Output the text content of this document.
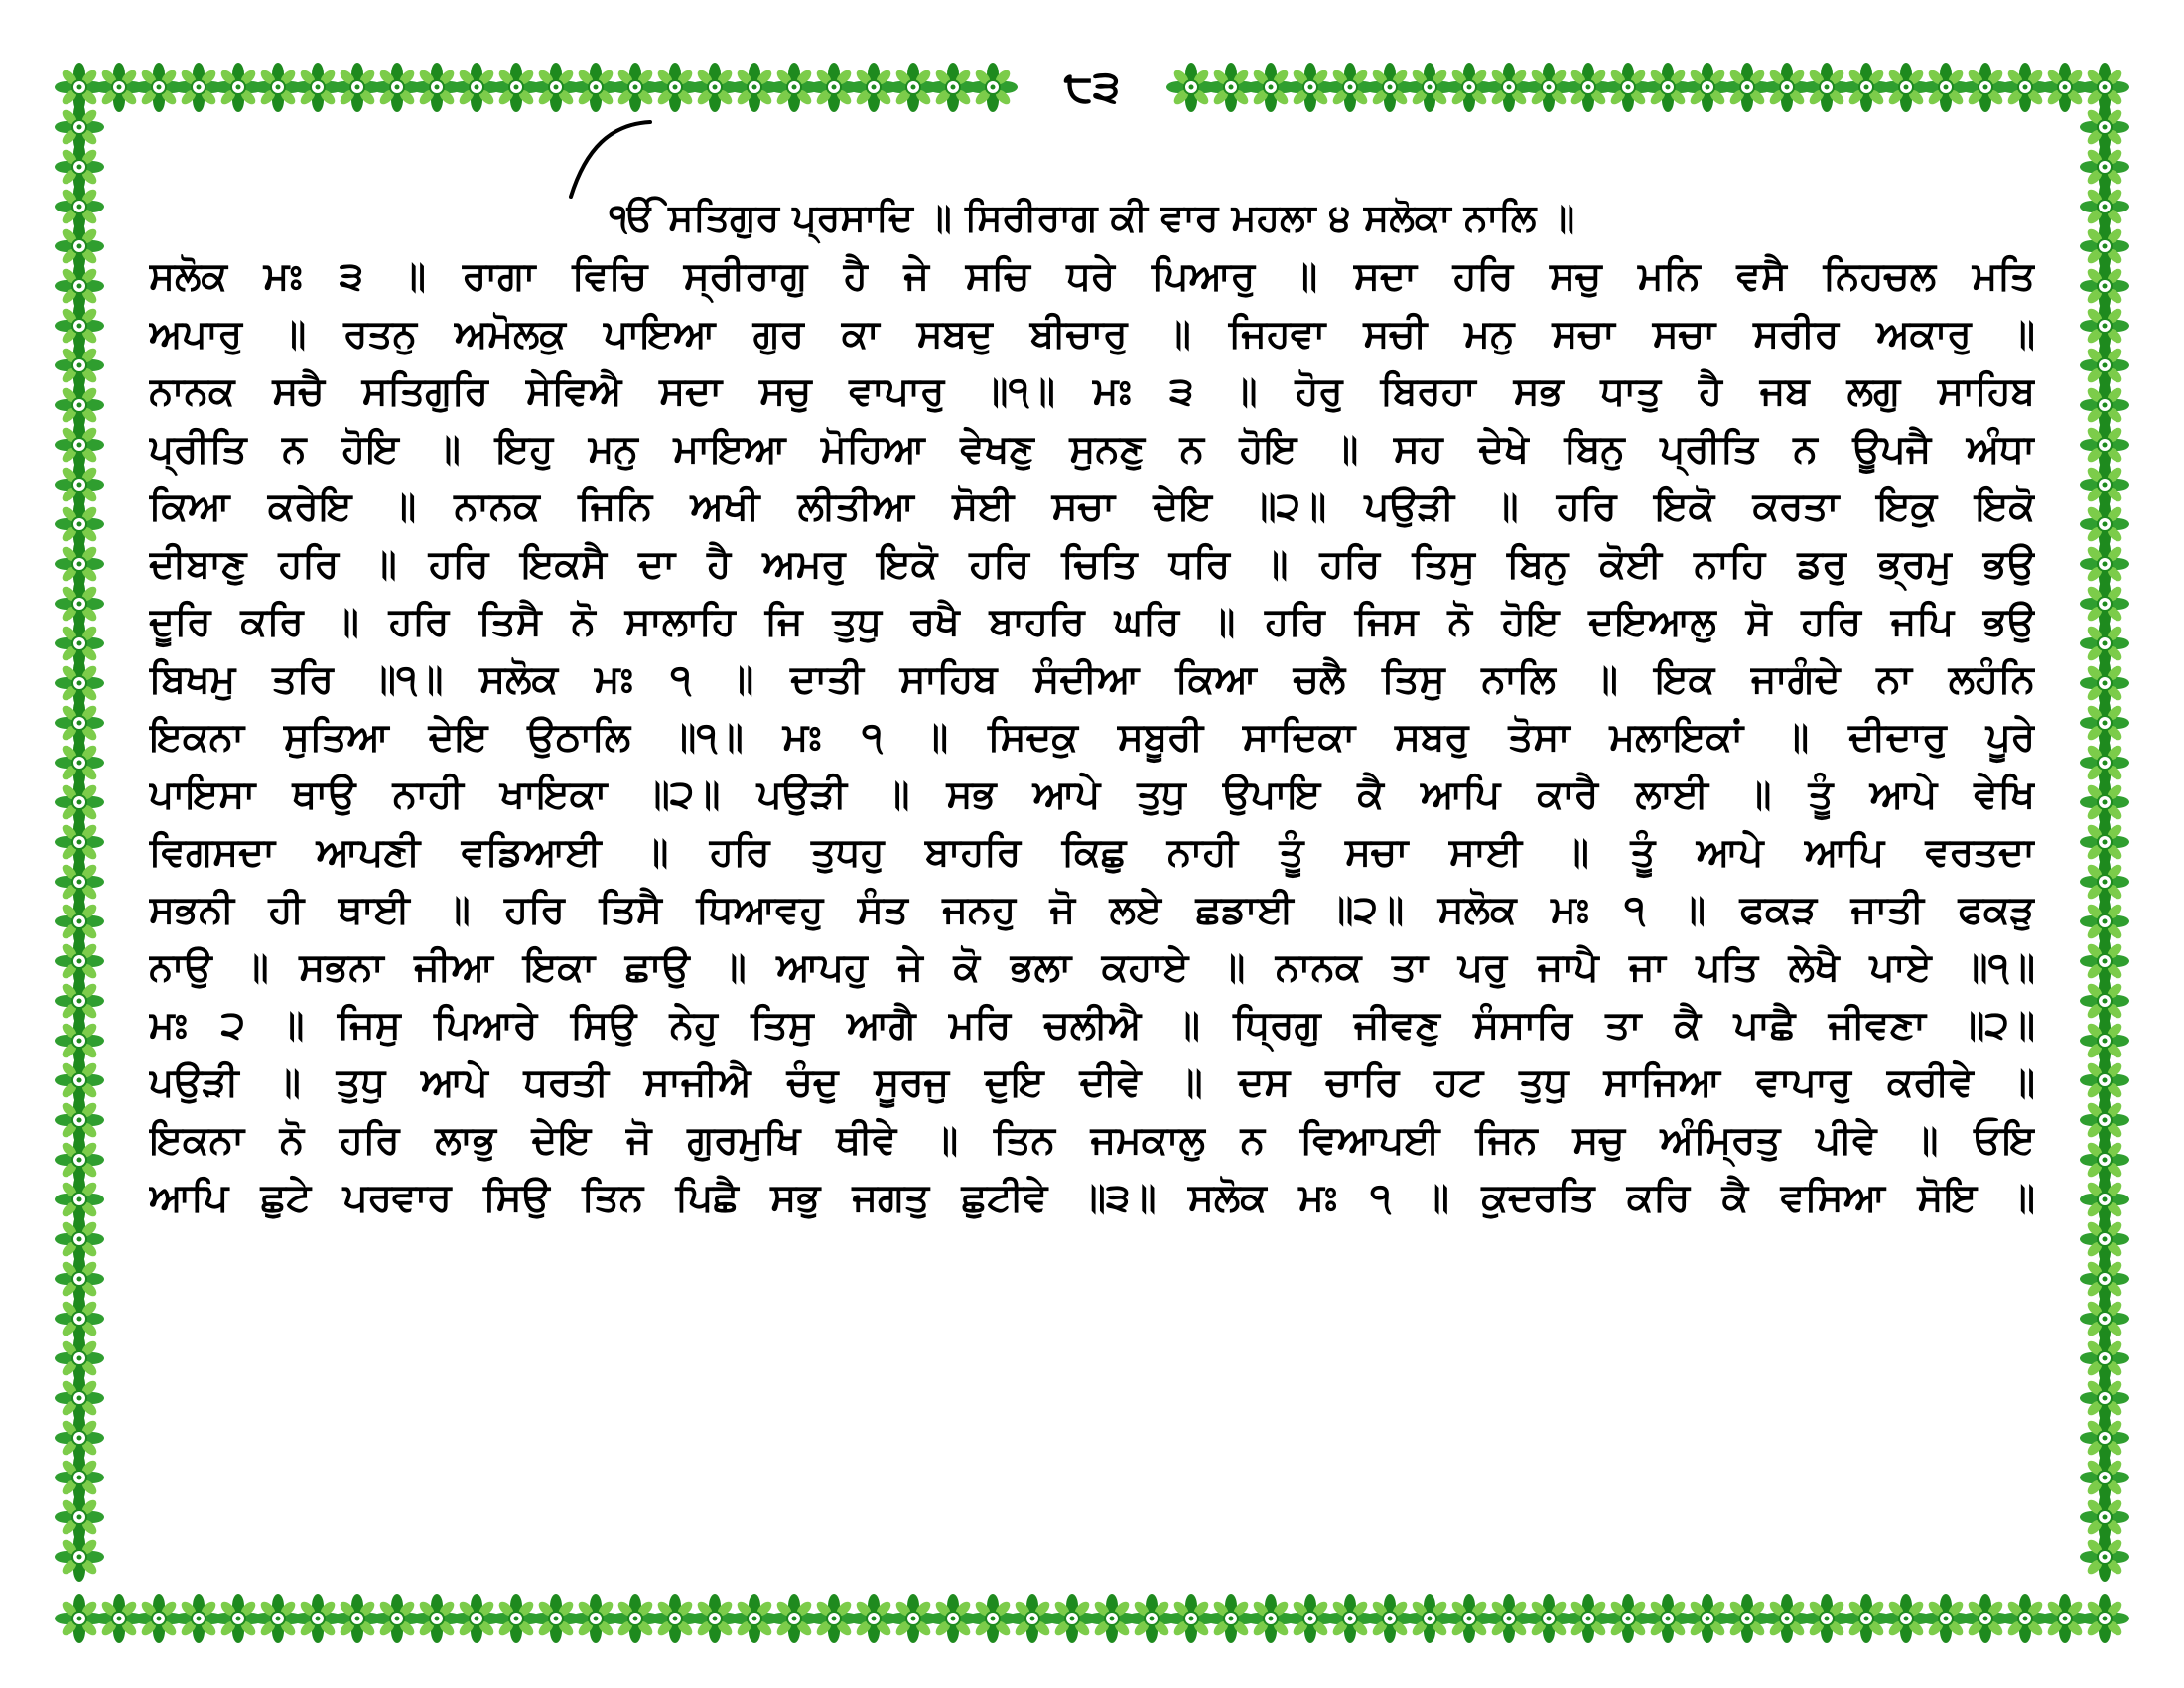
੮੩
ੴ ਸਤਿਗੁਰ ਪ੍ਰਸਾਦਿ ॥ ਸਿਰੀਰਾਗ ਕੀ ਵਾਰ ਮਹਲਾ ੪ ਸਲੋਕਾ ਨਾਲਿ ॥
ਸਲੋਕ ਮਃ ੩ ॥ ਰਾਗਾ ਵਿਚਿ ਸ੍ਰੀਰਾਗੁ ਹੈ ਜੇ ਸਚਿ ਧਰੇ ਪਿਆਰੁ ॥ ਸਦਾ ਹਰਿ ਸਚੁ ਮਨਿ ਵਸੈ ਨਿਹਚਲ ਮਤਿ
ਅਪਾਰੁ ॥ ਰਤਨੁ ਅਮੋਲਕੁ ਪਾਇਆ ਗੁਰ ਕਾ ਸਬਦੁ ਬੀਚਾਰੁ ॥ ਜਿਹਵਾ ਸਚੀ ਮਨੁ ਸਚਾ ਸਚਾ ਸਰੀਰ ਅਕਾਰੁ ॥
ਨਾਨਕ ਸਚੈ ਸਤਿਗੁਰਿ ਸੇਵਿਐ ਸਦਾ ਸਚੁ ਵਾਪਾਰੁ ॥੧॥ ਮਃ ੩ ॥ ਹੋਰੁ ਬਿਰਹਾ ਸਭ ਧਾਤੁ ਹੈ ਜਬ ਲਗੁ ਸਾਹਿਬ
ਪ੍ਰੀਤਿ ਨ ਹੋਇ ॥ ਇਹੁ ਮਨੁ ਮਾਇਆ ਮੋਹਿਆ ਵੇਖਣੁ ਸੁਨਣੁ ਨ ਹੋਇ ॥ ਸਹ ਦੇਖੇ ਬਿਨੁ ਪ੍ਰੀਤਿ ਨ ਊਪਜੈ ਅੰਧਾ
ਕਿਆ ਕਰੇਇ ॥ ਨਾਨਕ ਜਿਨਿ ਅਖੀ ਲੀਤੀਆ ਸੋਈ ਸਚਾ ਦੇਇ ॥੨॥ ਪਉੜੀ ॥ ਹਰਿ ਇਕੋ ਕਰਤਾ ਇਕੁ ਇਕੋ
ਦੀਬਾਣੁ ਹਰਿ ॥ ਹਰਿ ਇਕਸੈ ਦਾ ਹੈ ਅਮਰੁ ਇਕੋ ਹਰਿ ਚਿਤਿ ਧਰਿ ॥ ਹਰਿ ਤਿਸੁ ਬਿਨੁ ਕੋਈ ਨਾਹਿ ਡਰੁ ਭ੍ਰਮੁ ਭਉ
ਦੂਰਿ ਕਰਿ ॥ ਹਰਿ ਤਿਸੈ ਨੋ ਸਾਲਾਹਿ ਜਿ ਤੁਧੁ ਰਖੈ ਬਾਹਰਿ ਘਰਿ ॥ ਹਰਿ ਜਿਸ ਨੋ ਹੋਇ ਦਇਆਲੁ ਸੋ ਹਰਿ ਜਪਿ ਭਉ
ਬਿਖਮੁ ਤਰਿ ॥੧॥ ਸਲੋਕ ਮਃ ੧ ॥ ਦਾਤੀ ਸਾਹਿਬ ਸੰਦੀਆ ਕਿਆ ਚਲੈ ਤਿਸੁ ਨਾਲਿ ॥ ਇਕ ਜਾਗੰਦੇ ਨਾ ਲਹੰਨਿ
ਇਕਨਾ ਸੁਤਿਆ ਦੇਇ ਉਠਾਲਿ ॥੧॥ ਮਃ ੧ ॥ ਸਿਦਕੁ ਸਬੂਰੀ ਸਾਦਿਕਾ ਸਬਰੁ ਤੋਸਾ ਮਲਾਇਕਾਂ ॥ ਦੀਦਾਰੁ ਪੂਰੇ
ਪਾਇਸਾ ਥਾਉ ਨਾਹੀ ਖਾਇਕਾ ॥੨॥ ਪਉੜੀ ॥ ਸਭ ਆਪੇ ਤੁਧੁ ਉਪਾਇ ਕੈ ਆਪਿ ਕਾਰੈ ਲਾਈ ॥ ਤੂੰ ਆਪੇ ਵੇਖਿ
ਵਿਗਸਦਾ ਆਪਣੀ ਵਡਿਆਈ ॥ ਹਰਿ ਤੁਧਹੁ ਬਾਹਰਿ ਕਿਛੁ ਨਾਹੀ ਤੂੰ ਸਚਾ ਸਾਈ ॥ ਤੂੰ ਆਪੇ ਆਪਿ ਵਰਤਦਾ
ਸਭਨੀ ਹੀ ਥਾਈ ॥ ਹਰਿ ਤਿਸੈ ਧਿਆਵਹੁ ਸੰਤ ਜਨਹੁ ਜੋ ਲਏ ਛਡਾਈ ॥੨॥ ਸਲੋਕ ਮਃ ੧ ॥ ਫਕੜ ਜਾਤੀ ਫਕੜੁ
ਨਾਉ ॥ ਸਭਨਾ ਜੀਆ ਇਕਾ ਛਾਉ ॥ ਆਪਹੁ ਜੇ ਕੋ ਭਲਾ ਕਹਾਏ ॥ ਨਾਨਕ ਤਾ ਪਰੁ ਜਾਪੈ ਜਾ ਪਤਿ ਲੇਖੈ ਪਾਏ ॥੧॥
ਮਃ ੨ ॥ ਜਿਸੁ ਪਿਆਰੇ ਸਿਉ ਨੇਹੁ ਤਿਸੁ ਆਗੈ ਮਰਿ ਚਲੀਐ ॥ ਧ੍ਰਿਗੁ ਜੀਵਣੁ ਸੰਸਾਰਿ ਤਾ ਕੈ ਪਾਛੈ ਜੀਵਣਾ ॥੨॥
ਪਉੜੀ ॥ ਤੁਧੁ ਆਪੇ ਧਰਤੀ ਸਾਜੀਐ ਚੰਦੁ ਸੂਰਜੁ ਦੁਇ ਦੀਵੇ ॥ ਦਸ ਚਾਰਿ ਹਟ ਤੁਧੁ ਸਾਜਿਆ ਵਾਪਾਰੁ ਕਰੀਵੇ ॥
ਇਕਨਾ ਨੋ ਹਰਿ ਲਾਭੁ ਦੇਇ ਜੋ ਗੁਰਮੁਖਿ ਥੀਵੇ ॥ ਤਿਨ ਜਮਕਾਲੁ ਨ ਵਿਆਪਈ ਜਿਨ ਸਚੁ ਅੰਮ੍ਰਿਤੁ ਪੀਵੇ ॥ ਓਇ
ਆਪਿ ਛੁਟੇ ਪਰਵਾਰ ਸਿਉ ਤਿਨ ਪਿਛੈ ਸਭੁ ਜਗਤੁ ਛੁਟੀਵੇ ॥੩॥ ਸਲੋਕ ਮਃ ੧ ॥ ਕੁਦਰਤਿ ਕਰਿ ਕੈ ਵਸਿਆ ਸੋਇ ॥
